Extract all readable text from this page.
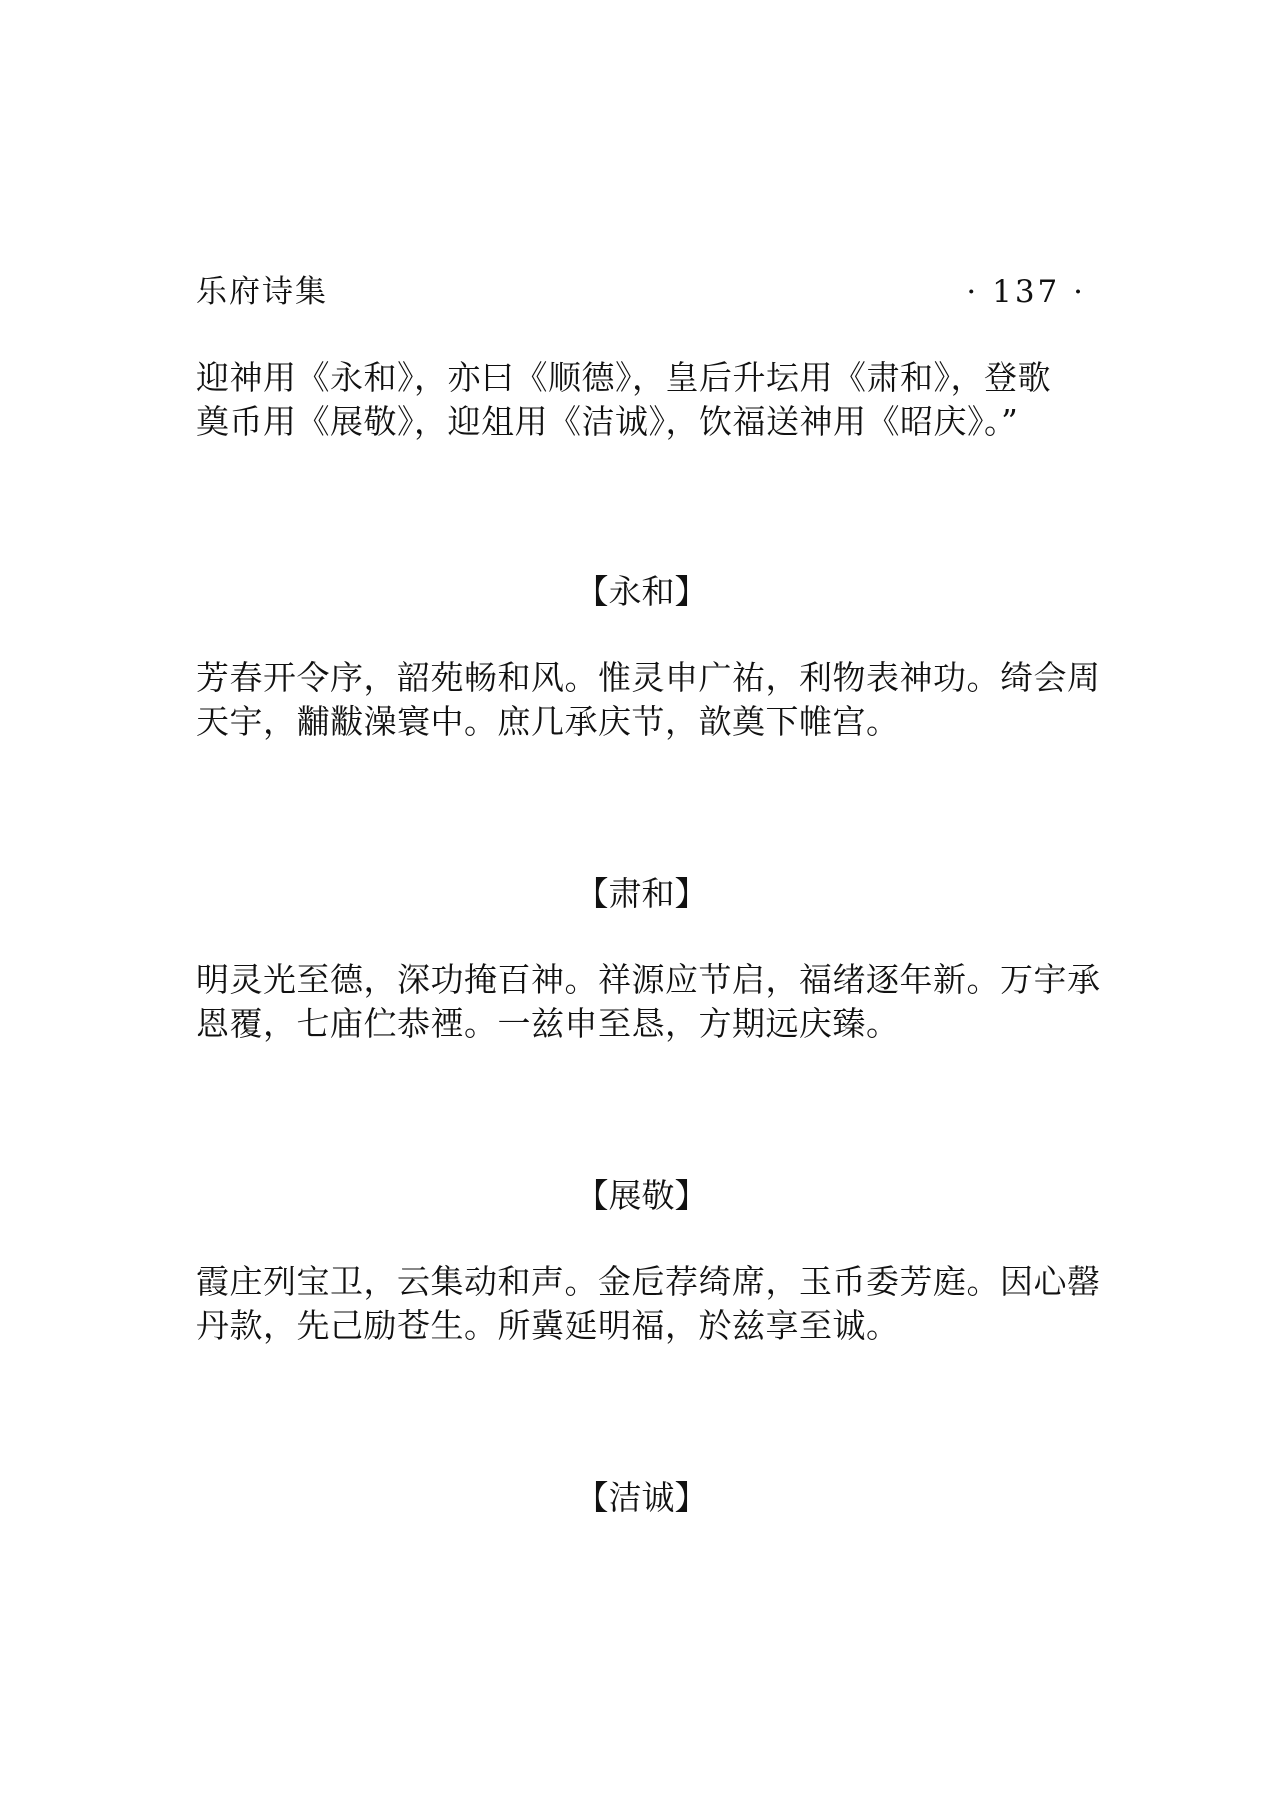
乐府诗集	· 137 ·

迎神用《永和》，亦曰《顺德》，皇后升坛用《肃和》，登歌

奠币用《展敬》，迎俎用《洁诚》，饮福送神用《昭庆》。”

【永和】

芳春开令序，韶苑畅和风。惟灵申广祐，利物表神功。绮会周

天宇，黼黻澡寰中。庶几承庆节，歆奠下帷宫。

【肃和】

明灵光至德，深功掩百神。祥源应节启，福绪逐年新。万宇承

恩覆，七庙伫恭禋。一兹申至恳，方期远庆臻。

【展敬】

霞庄列宝卫，云集动和声。金卮荐绮席，玉币委芳庭。因心罄

丹款，先己励苍生。所冀延明福，於兹享至诚。

【洁诚】
